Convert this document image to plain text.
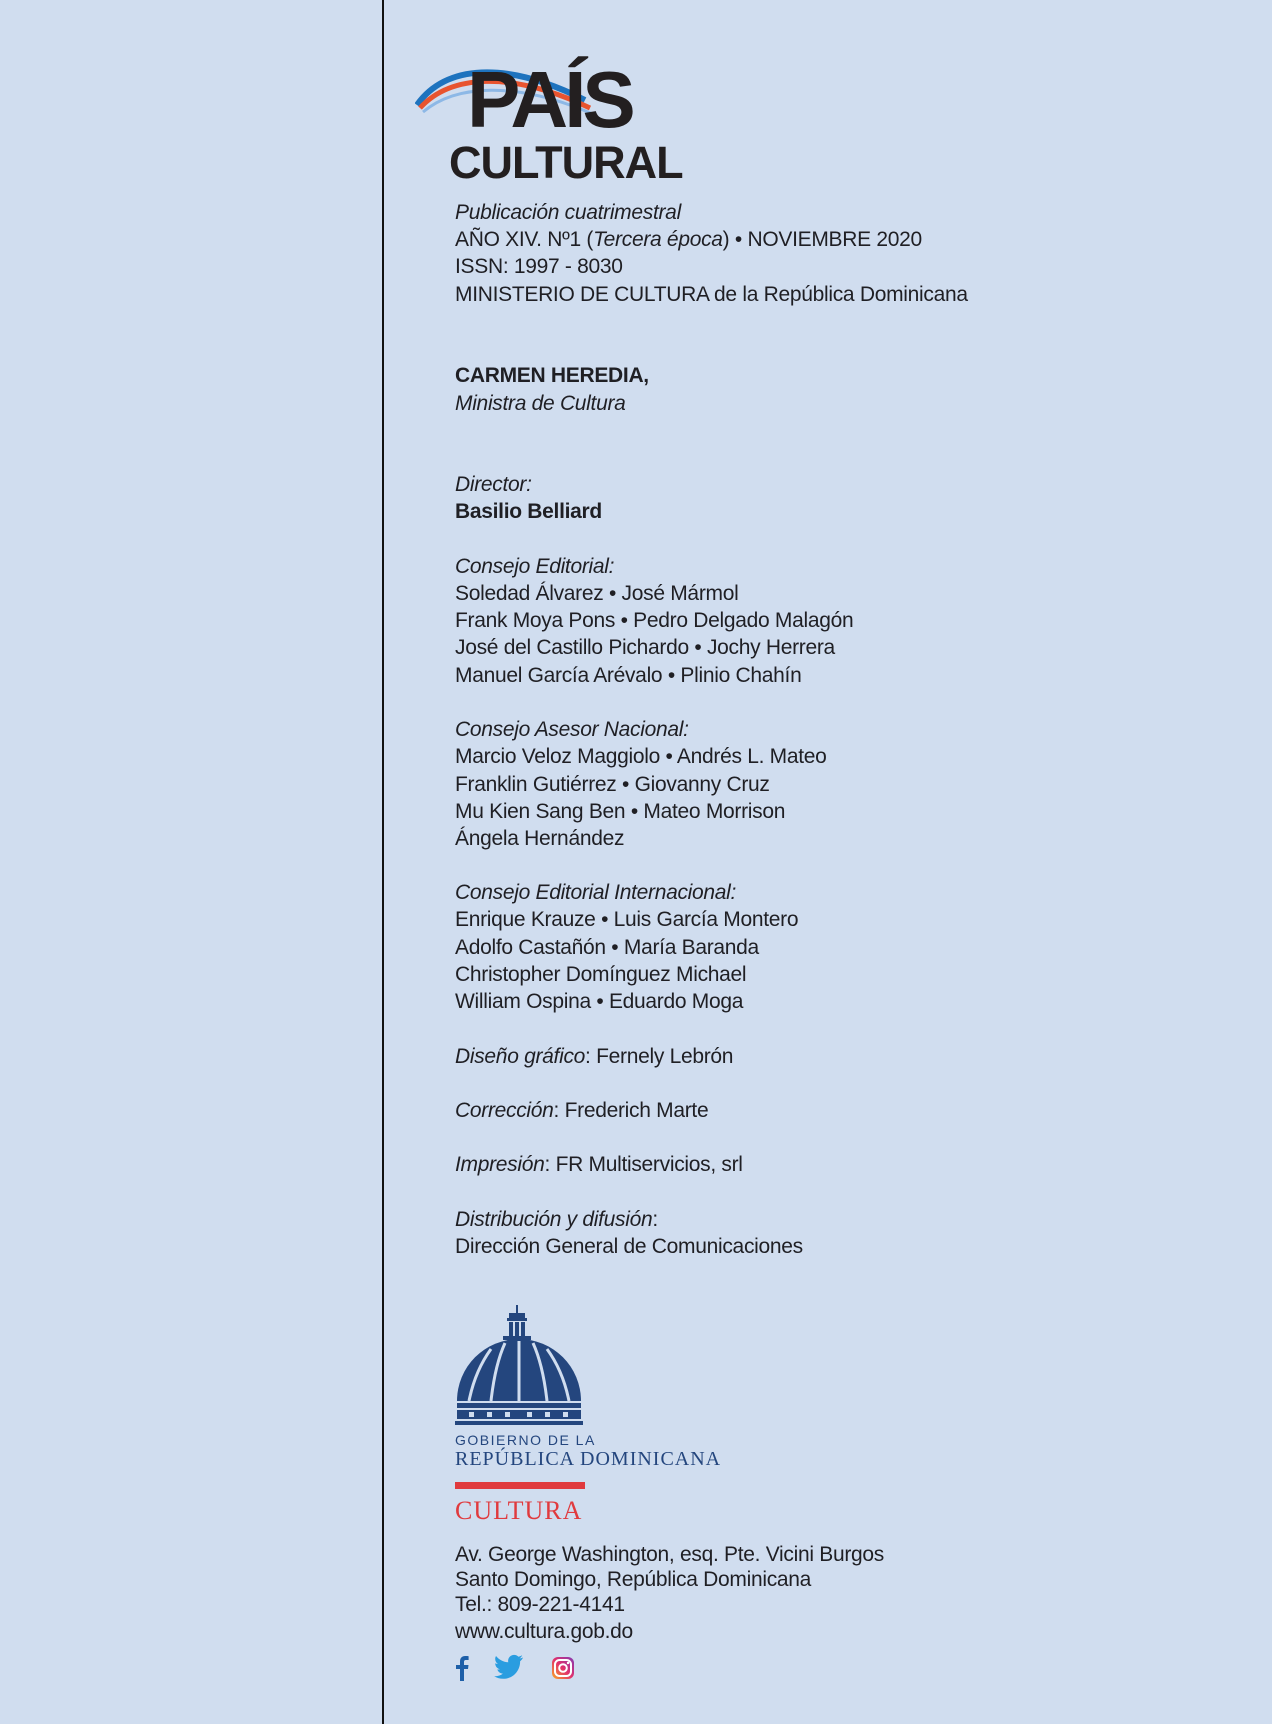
PAÍS
CULTURAL
Publicación cuatrimestral
AÑO XIV. Nº1 (Tercera época) • NOVIEMBRE 2020
ISSN: 1997 - 8030
MINISTERIO DE CULTURA de la República Dominicana
CARMEN HEREDIA,
Ministra de Cultura
Director:
Basilio Belliard
Consejo Editorial:
Soledad Álvarez • José Mármol
Frank Moya Pons • Pedro Delgado Malagón
José del Castillo Pichardo • Jochy Herrera
Manuel García Arévalo • Plinio Chahín
Consejo Asesor Nacional:
Marcio Veloz Maggiolo • Andrés L. Mateo
Franklin Gutiérrez • Giovanny Cruz
Mu Kien Sang Ben • Mateo Morrison
Ángela Hernández
Consejo Editorial Internacional:
Enrique Krauze • Luis García Montero
Adolfo Castañón • María Baranda
Christopher Domínguez Michael
William Ospina • Eduardo Moga
Diseño gráfico: Fernely Lebrón
Corrección: Frederich Marte
Impresión: FR Multiservicios, srl
Distribución y difusión:
Dirección General de Comunicaciones
GOBIERNO DE LA
REPÚBLICA DOMINICANA
CULTURA
Av. George Washington, esq. Pte. Vicini Burgos
Santo Domingo, República Dominicana
Tel.: 809-221-4141
www.cultura.gob.do
